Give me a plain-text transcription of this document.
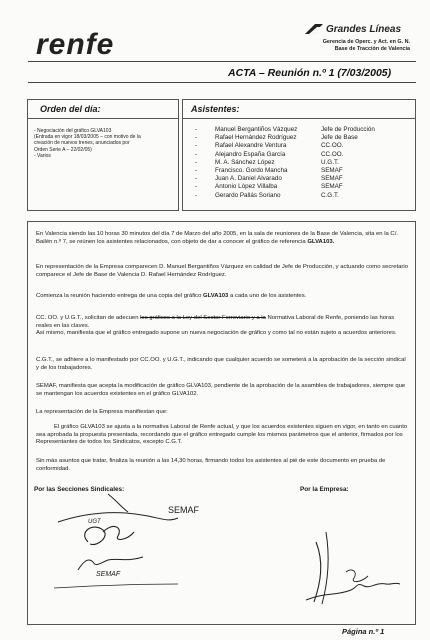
renfe	Grandes Líneas
Gerencia de Operc. y Act. en G. N.
Base de Tracción de Valencia
ACTA – Reunión n.º 1 (7/03/2005)
Orden del día:
- Negociación del gráfico GLVA103
(Entrada en vigor 18/03/2005 – con motivo de la
creación de nuevos trenes, anunciados por
Orden Serie A – 22/02/05)
- Varios
Asistentes:
-	Manuel Bergantiños Vázquez	Jefe de Producción
-	Rafael Hernández Rodríguez	Jefe de Base
-	Rafael Alexandre Ventura	CC.OO.
-	Alejandro España García	CC.OO.
-	M. A. Sánchez López	U.G.T.
-	Francisco. Gordo Mancha	SEMAF
-	Juan A. Daniel Alvarado	SEMAF
-	Antonio López Villalba	SEMAF
-	Gerardo Pallás Soriano	C.G.T.
En Valencia siendo las 10 horas 30 minutos del día 7 de Marzo del año 2005, en la sala de reuniones de la Base de Valencia, sita en la C/. Bailén n.º 7, se reúnen los asistentes relacionados, con objeto de dar a conocer el gráfico de referencia GLVA103.
En representación de la Empresa comparecen D. Manuel Bergantiños Vázquez en calidad de Jefe de Producción, y actuando como secretario comparece el Jefe de Base de Valencia D. Rafael Hernández Rodríguez.
Comienza la reunión haciendo entrega de una copia del gráfico GLVA103 a cada uno de los asistentes.
CC. OO. y U.G.T., solicitan de adecuen los gráficos a la Ley del Sector Ferroviario y a la Normativa Laboral de Renfe, poniendo las horas reales en las claves.
Así mismo, manifiesta que el gráfico entregado supone un nueva negociación de gráfico y como tal no están sujeto a acuerdos anteriores.
C.G.T., se adhiere a lo manifestado por CC.OO. y U.G.T., indicando que cualquier acuerdo se someterá a la aprobación de la sección sindical y de los trabajadores.
SEMAF, manifiesta que acepta la modificación de gráfico GLVA103, pendiente de la aprobación de la asamblea de trabajadores, siempre que se mantengan los acuerdos existentes en el gráfico GLVA102.
La representación de la Empresa manifiestan que:
El gráfico GLVA103 se ajusta a la normativa Laboral de Renfe actual, y que los acuerdos existentes siguen en vigor, en tanto en cuanto sea aprobada la propuesta presentada, recordando que el gráfico entregado cumple los mismos parámetros que el anterior, firmados por los Representantes de todos los Sindicatos, excepto C.G.T.
Sin más asuntos que tratar, finaliza la reunión a las 14,30 horas, firmando todos los asistentes al pié de este documento en prueba de conformidad.
Por las Secciones Sindicales:	Por la Empresa:
SEMAF
UGT
SEMAF
Página n.º 1
